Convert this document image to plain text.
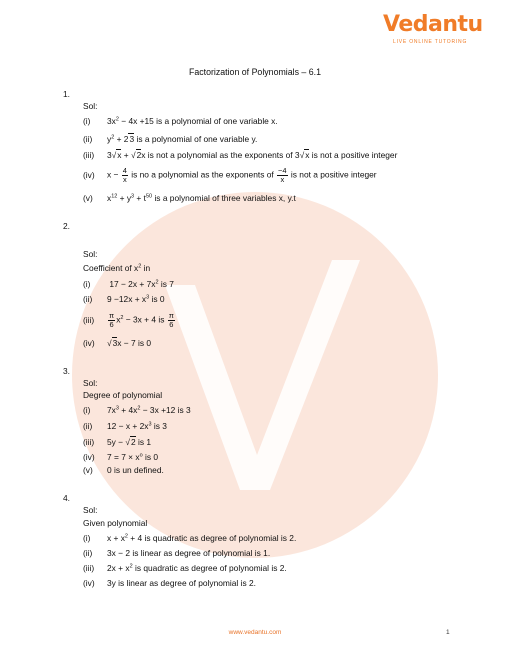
Vedantu
LIVE ONLINE TUTORING
Factorization of Polynomials – 6.1
1.
Sol:
(i) $3x^2 - 4x +15$ is a polynomial of one variable x.
(ii) $y^2 + 23$ is a polynomial of one variable y.
(iii) 3√x + √2x is not a polynomial as the exponents of 3√x is not a positive integer
(iv) $x - \frac{4}{x}$ is no a polynomial as the exponents of $\frac{-4}{x}$ is not a positive integer
(v) $x^{12} + y^3 + t^{50}$ is a polynomial of three variables x, y.t
2.
Sol:
Coefficient of $x^2$ in
(i) $17 - 2x + 7x^2$ is 7
(ii) $9 -12x + x^3$ is 0
$(iii) \frac{\pi}{6} x^2 - 3x + 4$ is $\frac{\pi}{6}$
(iv) √3x − 7 is 0
3.
Sol:
Degree of polynomial
(i) $7x^3 + 4x^2 - 3x +12$ is 3
(ii) $12 - x + 2x^3$ is 3
(iii) 5y − √2 is 1
(iv) $7 = 7 \times x^o$ is 0
(v) 0 is un defined.
4.
Sol:
Given polynomial
(i) $x + x^2 + 4$ is quadratic as degree of polynomial is 2.
(ii) 3x − 2 is linear as degree of polynomial is 1.
(iii) $2x + x^2$ is quadratic as degree of polynomial is 2.
(iv) 3y is linear as degree of polynomial is 2.
www.vedantu.com	1
